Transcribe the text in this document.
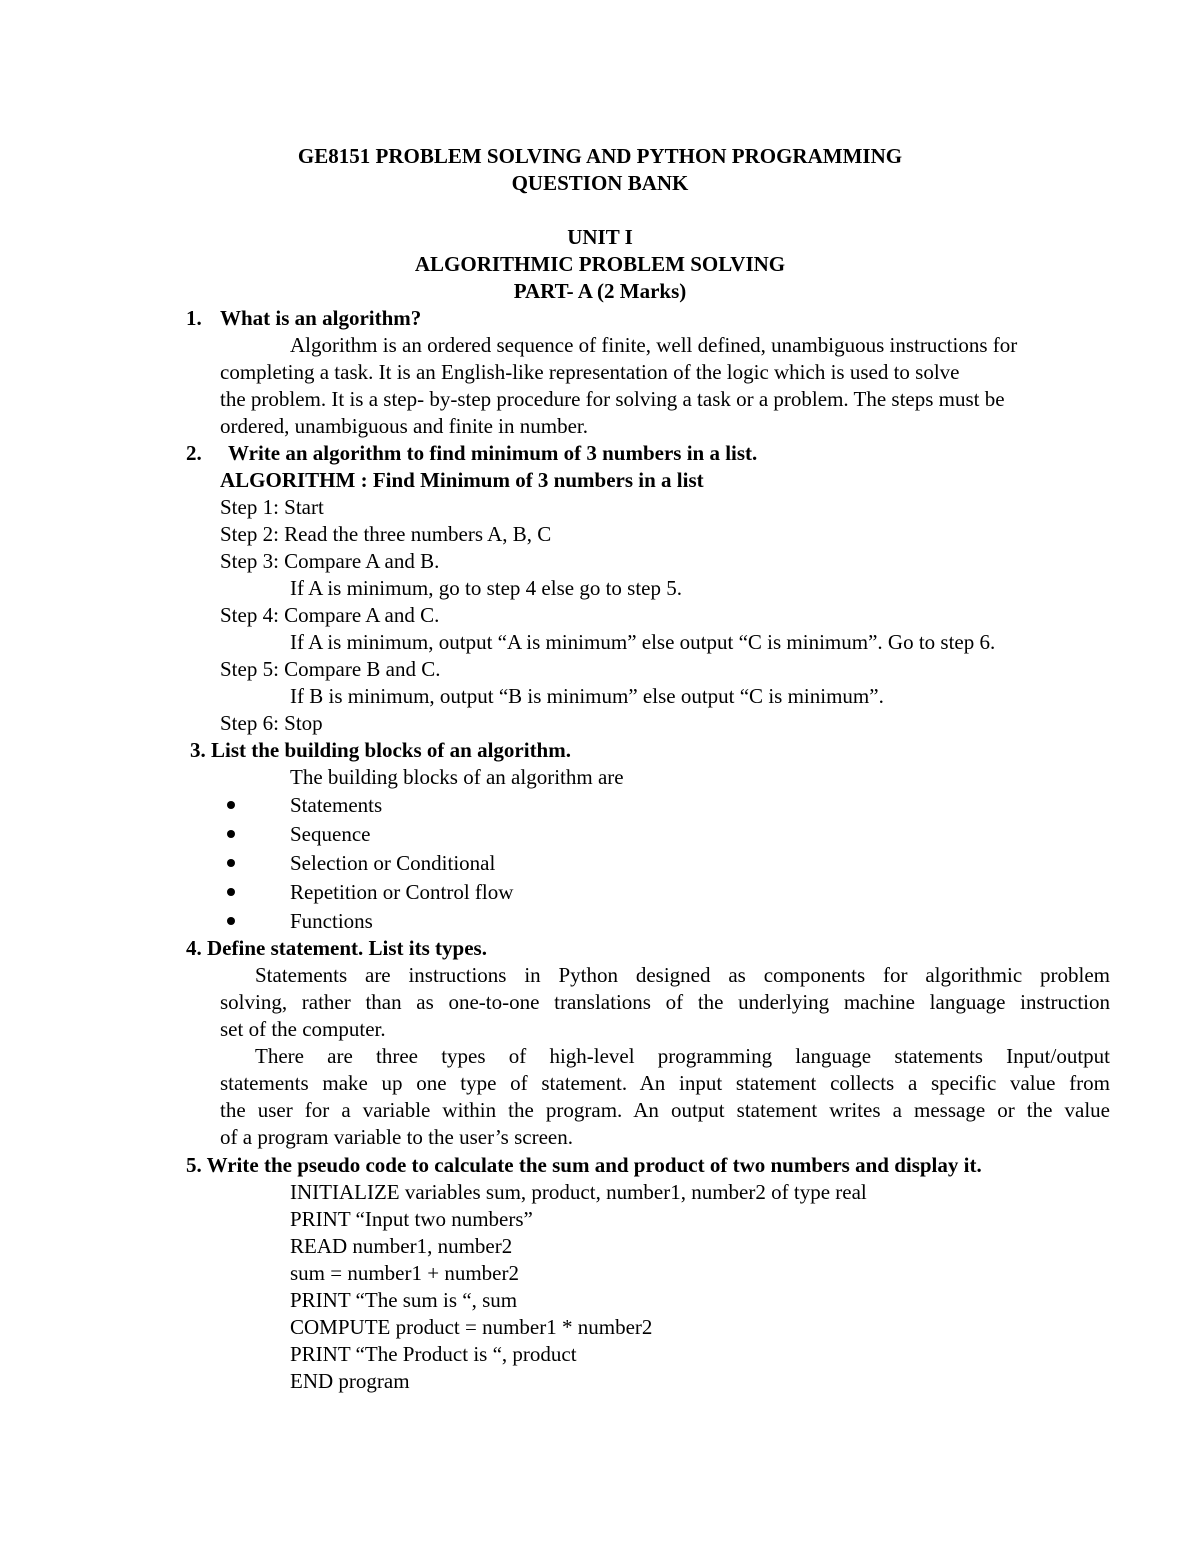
GE8151 PROBLEM SOLVING AND PYTHON PROGRAMMING
QUESTION BANK
UNIT I
ALGORITHMIC PROBLEM SOLVING
PART- A (2 Marks)
1. What is an algorithm?
Algorithm is an ordered sequence of finite, well defined, unambiguous instructions for
completing a task. It is an English-like representation of the logic which is used to solve
the problem. It is a step- by-step procedure for solving a task or a problem. The steps must be
ordered, unambiguous and finite in number.
2. Write an algorithm to find minimum of 3 numbers in a list.
ALGORITHM : Find Minimum of 3 numbers in a list
Step 1: Start
Step 2: Read the three numbers A, B, C
Step 3: Compare A and B.
If A is minimum, go to step 4 else go to step 5.
Step 4: Compare A and C.
If A is minimum, output “A is minimum” else output “C is minimum”. Go to step 6.
Step 5: Compare B and C.
If B is minimum, output “B is minimum” else output “C is minimum”.
Step 6: Stop
3. List the building blocks of an algorithm.
The building blocks of an algorithm are
Statements
Sequence
Selection or Conditional
Repetition or Control flow
Functions
4. Define statement. List its types.
Statements are instructions in Python designed as components for algorithmic problem
solving, rather than as one-to-one translations of the underlying machine language instruction
set of the computer.
There are three types of high-level programming language statements Input/output
statements make up one type of statement. An input statement collects a specific value from
the user for a variable within the program. An output statement writes a message or the value
of a program variable to the user’s screen.
5. Write the pseudo code to calculate the sum and product of two numbers and display it.
INITIALIZE variables sum, product, number1, number2 of type real
PRINT “Input two numbers”
READ number1, number2
sum = number1 + number2
PRINT “The sum is “, sum
COMPUTE product = number1 * number2
PRINT “The Product is “, product
END program
